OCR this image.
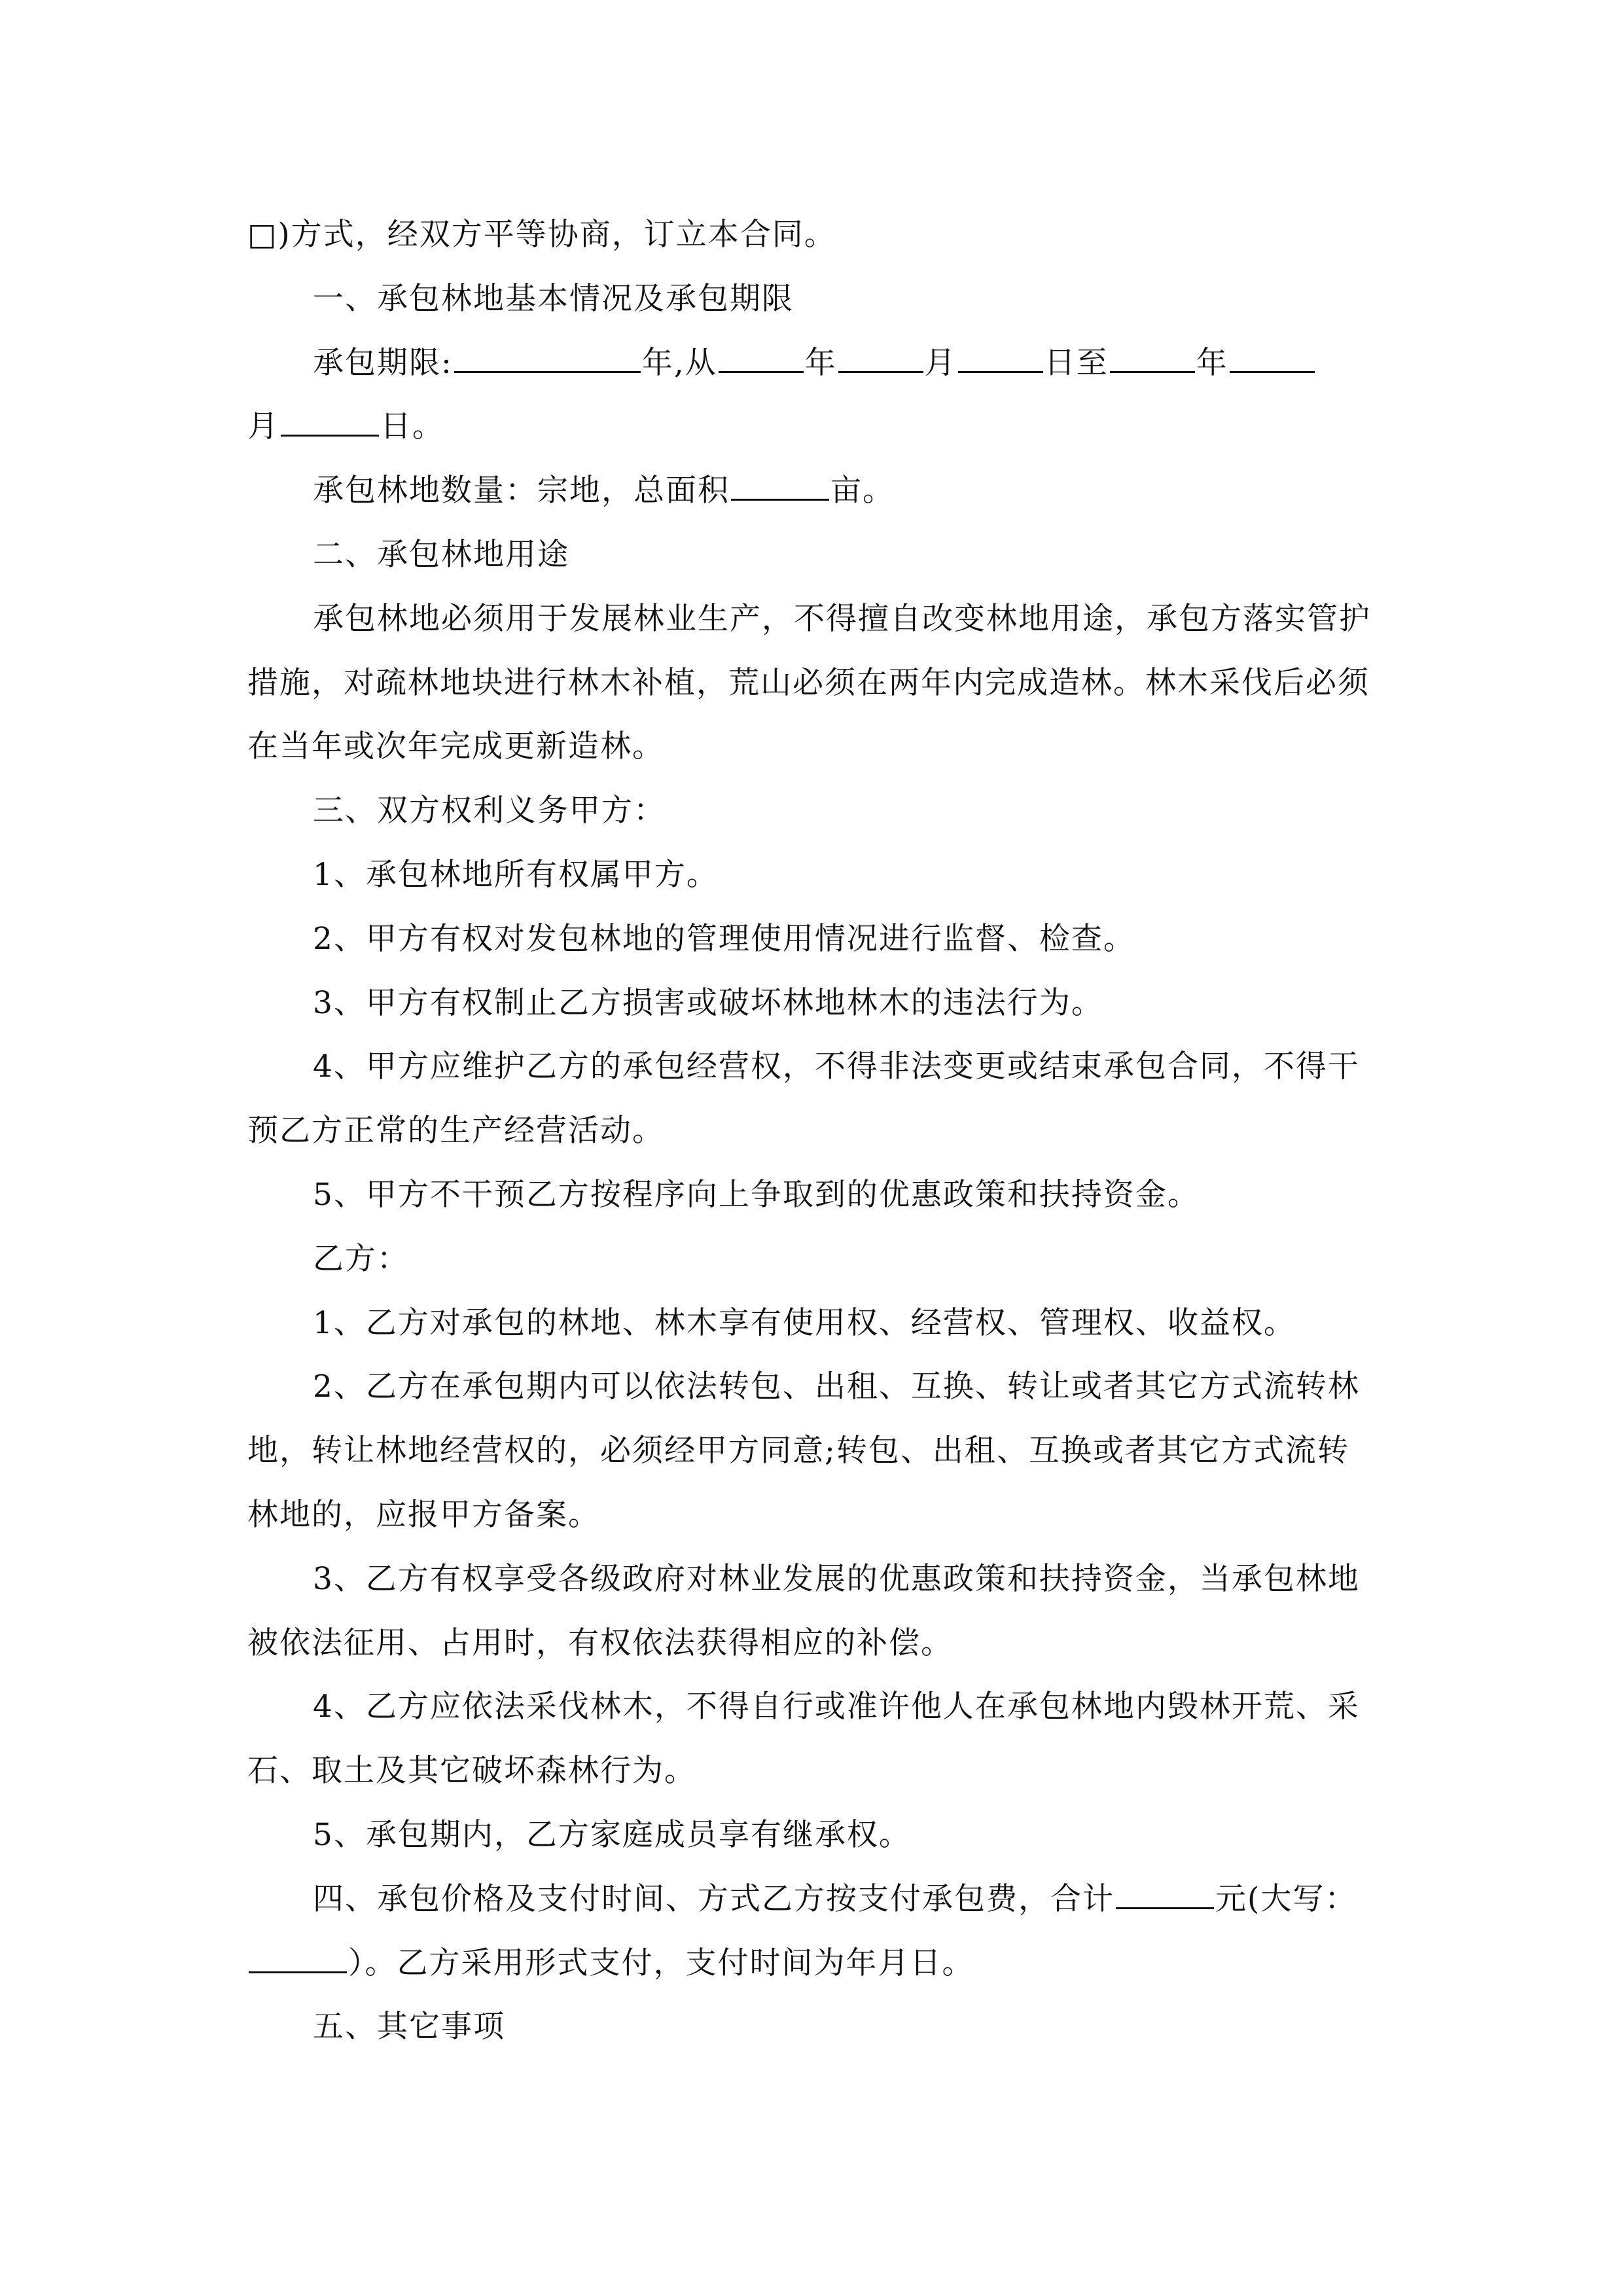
□)方式，经双方平等协商，订立本合同。
一、承包林地基本情况及承包期限
承包期限:	年,从	年	月	日至	年
月	日。
承包林地数量：宗地，总面积	亩。
二、承包林地用途
承包林地必须用于发展林业生产，不得擅自改变林地用途，承包方落实管护
措施，对疏林地块进行林木补植，荒山必须在两年内完成造林。林木采伐后必须
在当年或次年完成更新造林。
三、双方权利义务甲方：
1、承包林地所有权属甲方。
2、甲方有权对发包林地的管理使用情况进行监督、检查。
3、甲方有权制止乙方损害或破坏林地林木的违法行为。
4、甲方应维护乙方的承包经营权，不得非法变更或结束承包合同，不得干
预乙方正常的生产经营活动。
5、甲方不干预乙方按程序向上争取到的优惠政策和扶持资金。
乙方：
1、乙方对承包的林地、林木享有使用权、经营权、管理权、收益权。
2、乙方在承包期内可以依法转包、出租、互换、转让或者其它方式流转林
地，转让林地经营权的，必须经甲方同意;转包、出租、互换或者其它方式流转
林地的，应报甲方备案。
3、乙方有权享受各级政府对林业发展的优惠政策和扶持资金，当承包林地
被依法征用、占用时，有权依法获得相应的补偿。
4、乙方应依法采伐林木，不得自行或准许他人在承包林地内毁林开荒、采
石、取土及其它破坏森林行为。
5、承包期内，乙方家庭成员享有继承权。
四、承包价格及支付时间、方式乙方按支付承包费，合计	元(大写：
）。乙方采用形式支付，支付时间为年月日。
五、其它事项
